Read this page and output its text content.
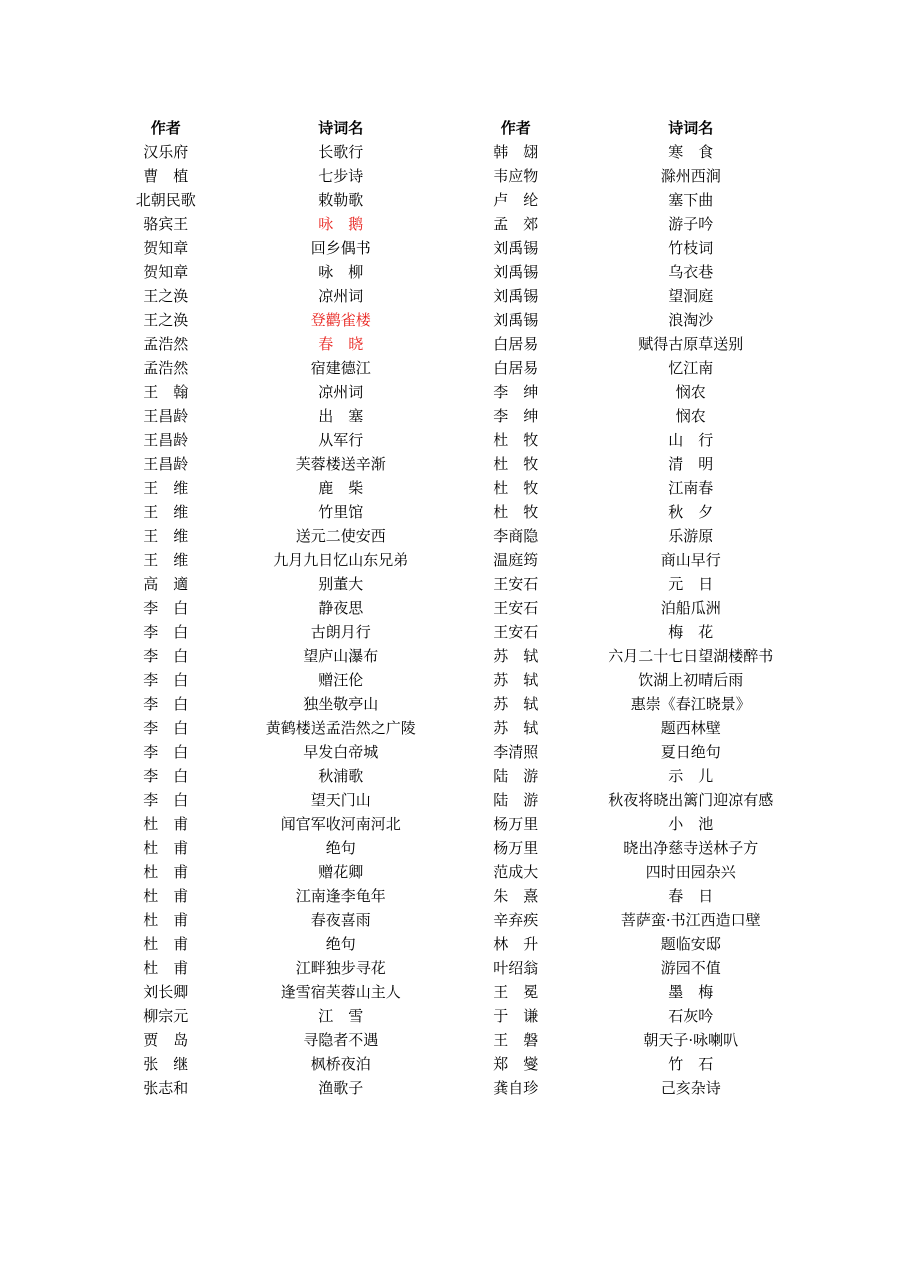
作者	诗词名	作者	诗词名
汉乐府	长歌行	韩　翃	寒　食
曹　植	七步诗	韦应物	滁州西涧
北朝民歌	敕勒歌	卢　纶	塞下曲
骆宾王	咏　鹅	孟　郊	游子吟
贺知章	回乡偶书	刘禹锡	竹枝词
贺知章	咏　柳	刘禹锡	乌衣巷
王之涣	凉州词	刘禹锡	望洞庭
王之涣	登鹳雀楼	刘禹锡	浪淘沙
孟浩然	春　晓	白居易	赋得古原草送别
孟浩然	宿建德江	白居易	忆江南
王　翰	凉州词	李　绅	悯农
王昌龄	出　塞	李　绅	悯农
王昌龄	从军行	杜　牧	山　行
王昌龄	芙蓉楼送辛渐	杜　牧	清　明
王　维	鹿　柴	杜　牧	江南春
王　维	竹里馆	杜　牧	秋　夕
王　维	送元二使安西	李商隐	乐游原
王　维	九月九日忆山东兄弟	温庭筠	商山早行
高　適	别董大	王安石	元　日
李　白	静夜思	王安石	泊船瓜洲
李　白	古朗月行	王安石	梅　花
李　白	望庐山瀑布	苏　轼	六月二十七日望湖楼醉书
李　白	赠汪伦	苏　轼	饮湖上初晴后雨
李　白	独坐敬亭山	苏　轼	惠崇《春江晓景》
李　白	黄鹤楼送孟浩然之广陵	苏　轼	题西林壁
李　白	早发白帝城	李清照	夏日绝句
李　白	秋浦歌	陆　游	示　儿
李　白	望天门山	陆　游	秋夜将晓出篱门迎凉有感
杜　甫	闻官军收河南河北	杨万里	小　池
杜　甫	绝句	杨万里	晓出净慈寺送林子方
杜　甫	赠花卿	范成大	四时田园杂兴
杜　甫	江南逢李龟年	朱　熹	春　日
杜　甫	春夜喜雨	辛弃疾	菩萨蛮·书江西造口壁
杜　甫	绝句	林　升	题临安邸
杜　甫	江畔独步寻花	叶绍翁	游园不值
刘长卿	逢雪宿芙蓉山主人	王　冕	墨　梅
柳宗元	江　雪	于　谦	石灰吟
贾　岛	寻隐者不遇	王　磐	朝天子·咏喇叭
张　继	枫桥夜泊	郑　燮	竹　石
张志和	渔歌子	龚自珍	己亥杂诗
